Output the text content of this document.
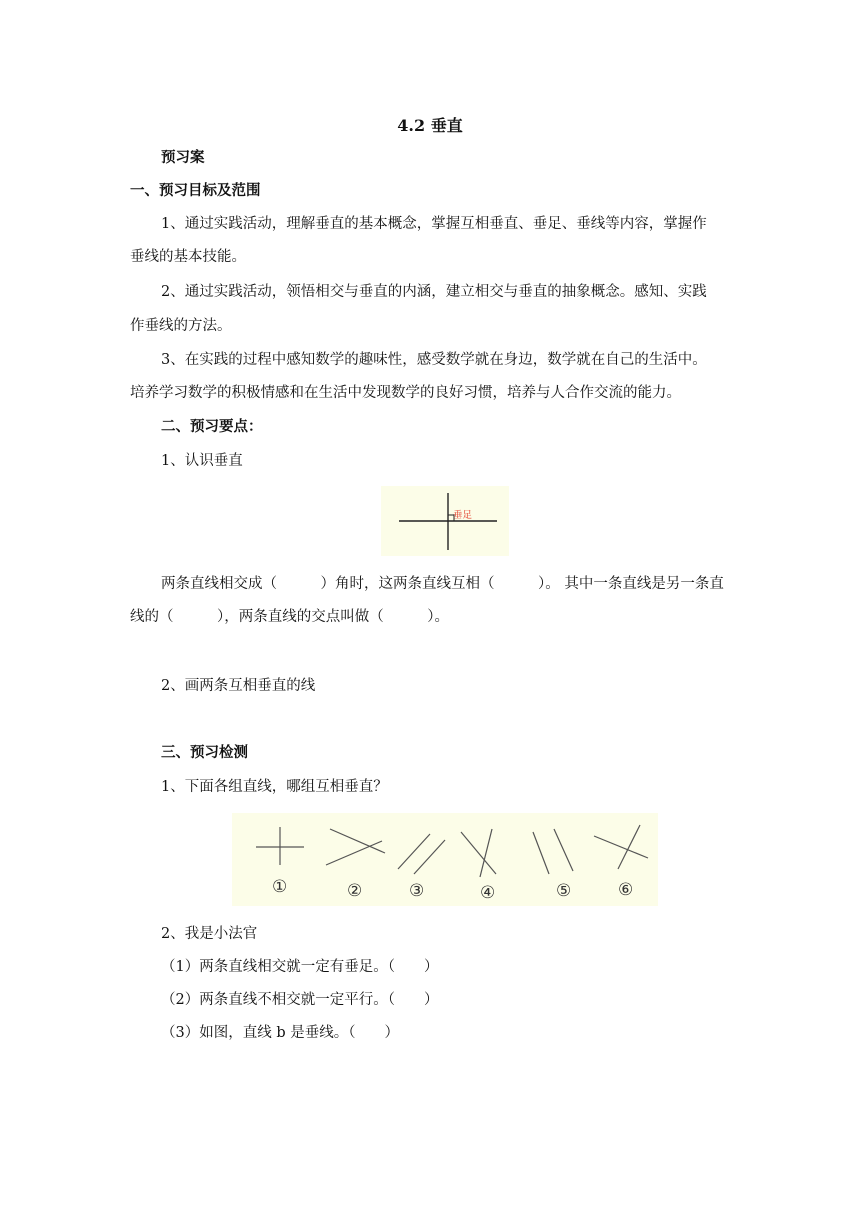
4.2 垂直
预习案
一、预习目标及范围
1、通过实践活动，理解垂直的基本概念，掌握互相垂直、垂足、垂线等内容，掌握作
垂线的基本技能。
2、通过实践活动，领悟相交与垂直的内涵，建立相交与垂直的抽象概念。感知、实践
作垂线的方法。
3、在实践的过程中感知数学的趣味性，感受数学就在身边，数学就在自己的生活中。
培养学习数学的积极情感和在生活中发现数学的良好习惯，培养与人合作交流的能力。
二、预习要点：
1、认识垂直
垂足
两条直线相交成（　　　）角时，这两条直线互相（　　　）。 其中一条直线是另一条直
线的（　　　），两条直线的交点叫做（　　　）。
2、画两条互相垂直的线
三、预习检测
1、下面各组直线，哪组互相垂直？
①	②	③	④	⑤	⑥
2、我是小法官
（1）两条直线相交就一定有垂足。（　　）
（2）两条直线不相交就一定平行。（　　）
（3）如图，直线 b 是垂线。（　　）
